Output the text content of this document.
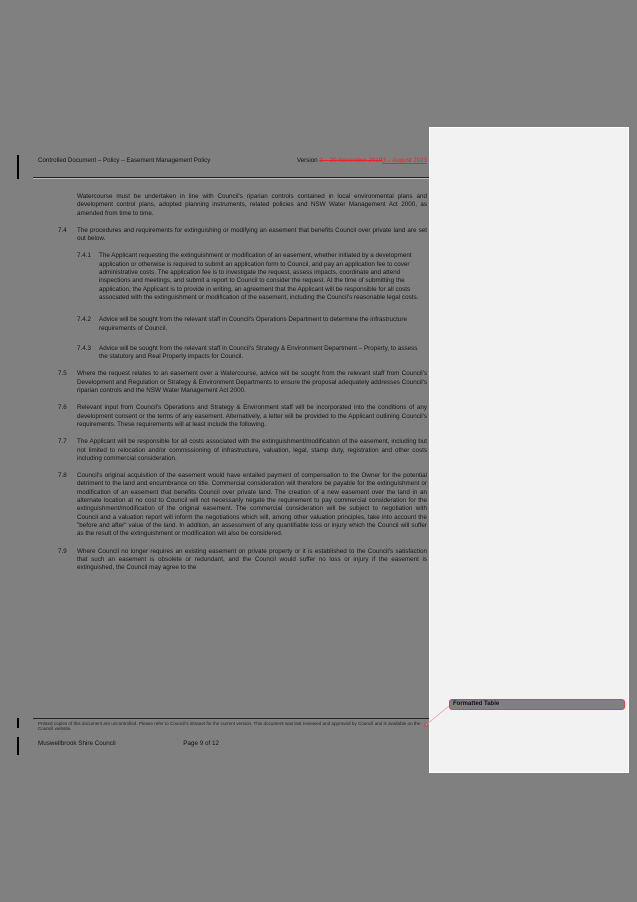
Controlled Document – Policy – Easement Management Policy	Version 2 – 20 November 20193 – August 2023

Watercourse must be undertaken in line with Council's riparian controls contained in local environmental plans and development control plans, adopted planning instruments, related policies and NSW Water Management Act 2000, as amended from time to time.

7.4 The procedures and requirements for extinguishing or modifying an easement that benefits Council over private land are set out below.

7.4.1 The Applicant requesting the extinguishment or modification of an easement, whether initiated by a development application or otherwise is required to submit an application form to Council, and pay an application fee to cover administrative costs. The application fee is to investigate the request, assess impacts, coordinate and attend inspections and meetings, and submit a report to Council to consider the request. At the time of submitting the application, the Applicant is to provide in writing, an agreement that the Applicant will be responsible for all costs associated with the extinguishment or modification of the easement, including the Council's reasonable legal costs.

7.4.2 Advice will be sought from the relevant staff in Council's Operations Department to determine the infrastructure requirements of Council.

7.4.3 Advice will be sought from the relevant staff in Council's Strategy & Environment Department – Property, to assess the statutory and Real Property impacts for Council.

7.5 Where the request relates to an easement over a Watercourse, advice will be sought from the relevant staff from Council's Development and Regulation or Strategy & Environment Departments to ensure the proposal adequately addresses Council's riparian controls and the NSW Water Management Act 2000.

7.6 Relevant input from Council's Operations and Strategy & Environment staff will be incorporated into the conditions of any development consent or the terms of any easement. Alternatively, a letter will be provided to the Applicant outlining Council's requirements. These requirements will at least include the following.

7.7 The Applicant will be responsible for all costs associated with the extinguishment/modification of the easement, including but not limited to relocation and/or commissioning of infrastructure, valuation, legal, stamp duty, registration and other costs including commercial consideration.

7.8 Council's original acquisition of the easement would have entailed payment of compensation to the Owner for the potential detriment to the land and encumbrance on title. Commercial consideration will therefore be payable for the extinguishment or modification of an easement that benefits Council over private land. The creation of a new easement over the land in an alternate location at no cost to Council will not necessarily negate the requirement to pay commercial consideration for the extinguishment/modification of the original easement. The commercial consideration will be subject to negotiation with Council and a valuation report will inform the negotiations which will, among other valuation principles, take into account the "before and after" value of the land. In addition, an assessment of any quantifiable loss or injury which the Council will suffer as the result of the extinguishment or modification will also be considered.

7.9 Where Council no longer requires an existing easement on private property or it is established to the Council's satisfaction that such an easement is obsolete or redundant, and the Council would suffer no loss or injury if the easement is extinguished, the Council may agree to the

Printed copies of this document are uncontrolled. Please refer to Council's intranet for the current version. This document was last reviewed and approved by Council and is available on the Council website.
Muswellbrook Shire Council	Page 9 of 12
Formatted Table
